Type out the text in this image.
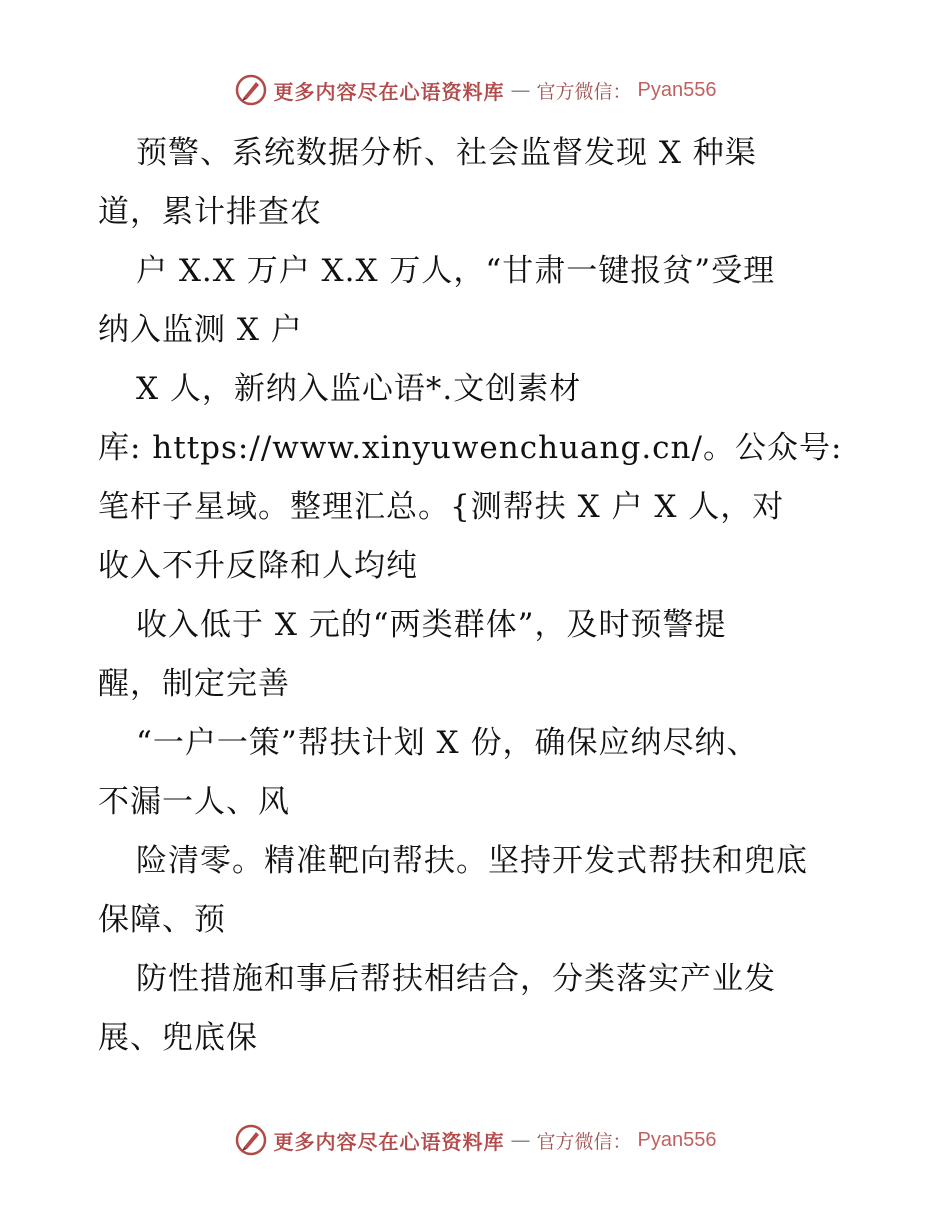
更多内容尽在心语资料库 — 官方微信： Pyan556
预警、系统数据分析、社会监督发现 X 种渠
道，累计排查农
户 X.X 万户 X.X 万人，“甘肃一键报贫”受理
纳入监测 X 户
X 人，新纳入监心语*.文创素材
库: https://www.xinyuwenchuang.cn/。公众号:
笔杆子星域。整理汇总。{测帮扶 X 户 X 人，对
收入不升反降和人均纯
收入低于 X 元的“两类群体”，及时预警提
醒，制定完善
“一户一策”帮扶计划 X 份，确保应纳尽纳、
不漏一人、风
险清零。精准靶向帮扶。坚持开发式帮扶和兜底
保障、预
防性措施和事后帮扶相结合，分类落实产业发
展、兜底保
更多内容尽在心语资料库 — 官方微信： Pyan556
